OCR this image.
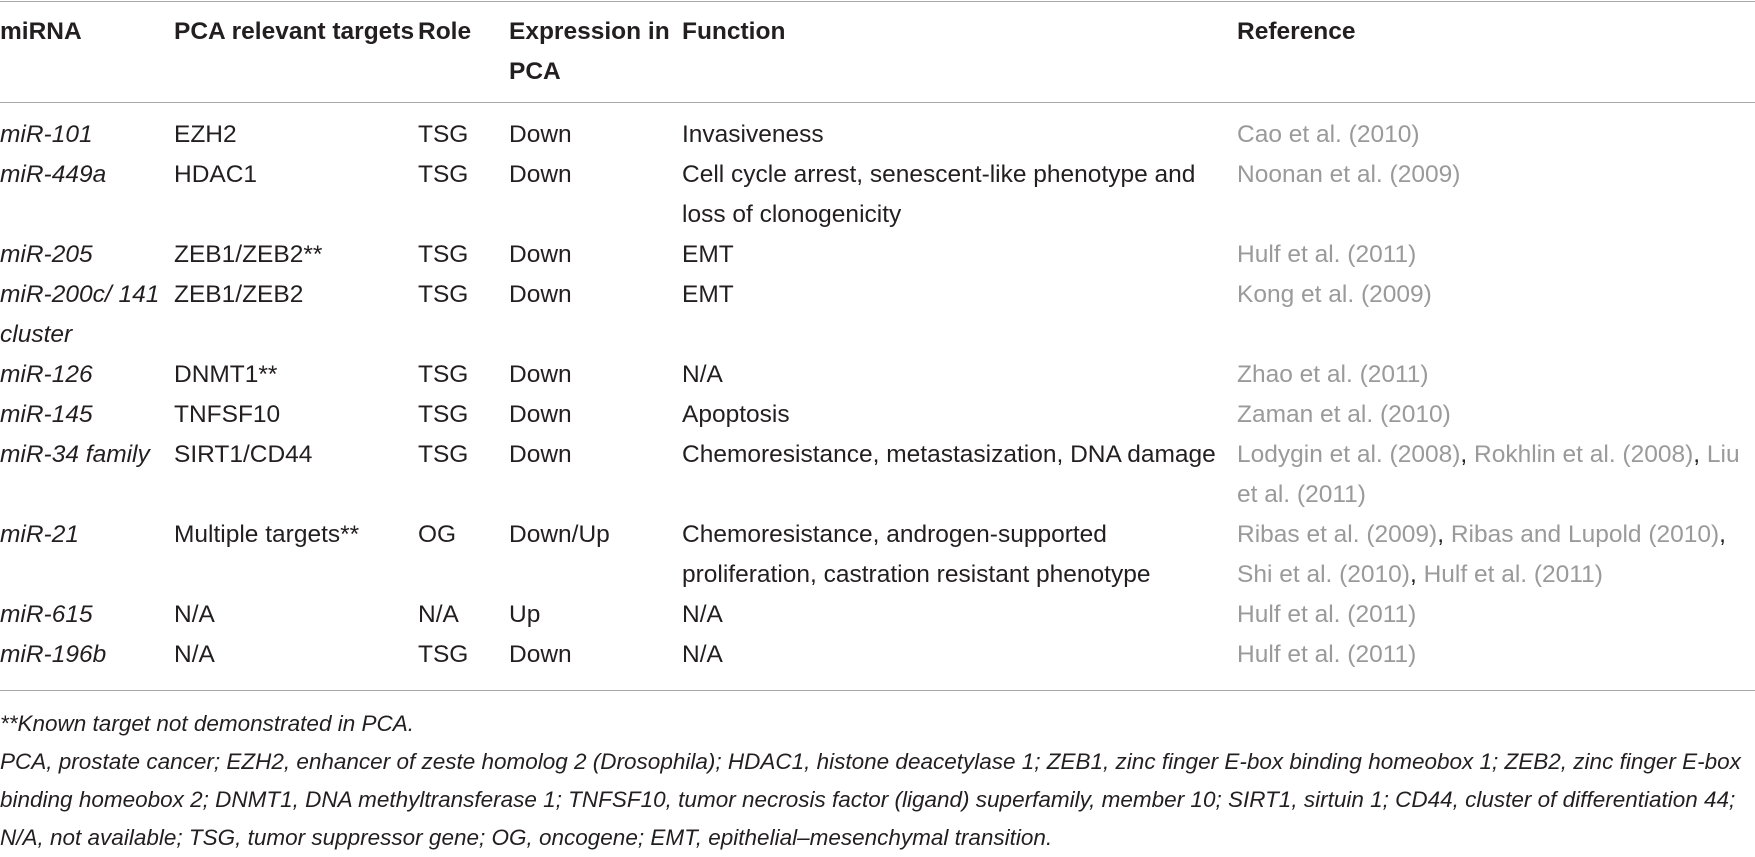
miRNA	PCA relevant targets	Role	Expression in PCA	Function	Reference
miR-101	EZH2	TSG	Down	Invasiveness	Cao et al. (2010)
miR-449a	HDAC1	TSG	Down	Cell cycle arrest, senescent-like phenotype and loss of clonogenicity	Noonan et al. (2009)
miR-205	ZEB1/ZEB2**	TSG	Down	EMT	Hulf et al. (2011)
miR-200c/ 141 cluster	ZEB1/ZEB2	TSG	Down	EMT	Kong et al. (2009)
miR-126	DNMT1**	TSG	Down	N/A	Zhao et al. (2011)
miR-145	TNFSF10	TSG	Down	Apoptosis	Zaman et al. (2010)
miR-34 family	SIRT1/CD44	TSG	Down	Chemoresistance, metastasization, DNA damage	Lodygin et al. (2008), Rokhlin et al. (2008), Liu et al. (2011)
miR-21	Multiple targets**	OG	Down/Up	Chemoresistance, androgen-supported proliferation, castration resistant phenotype	Ribas et al. (2009), Ribas and Lupold (2010), Shi et al. (2010), Hulf et al. (2011)
miR-615	N/A	N/A	Up	N/A	Hulf et al. (2011)
miR-196b	N/A	TSG	Down	N/A	Hulf et al. (2011)

**Known target not demonstrated in PCA.

PCA, prostate cancer; EZH2, enhancer of zeste homolog 2 (Drosophila); HDAC1, histone deacetylase 1; ZEB1, zinc finger E-box binding homeobox 1; ZEB2, zinc finger E-box binding homeobox 2; DNMT1, DNA methyltransferase 1; TNFSF10, tumor necrosis factor (ligand) superfamily, member 10; SIRT1, sirtuin 1; CD44, cluster of differentiation 44; N/A, not available; TSG, tumor suppressor gene; OG, oncogene; EMT, epithelial–mesenchymal transition.
